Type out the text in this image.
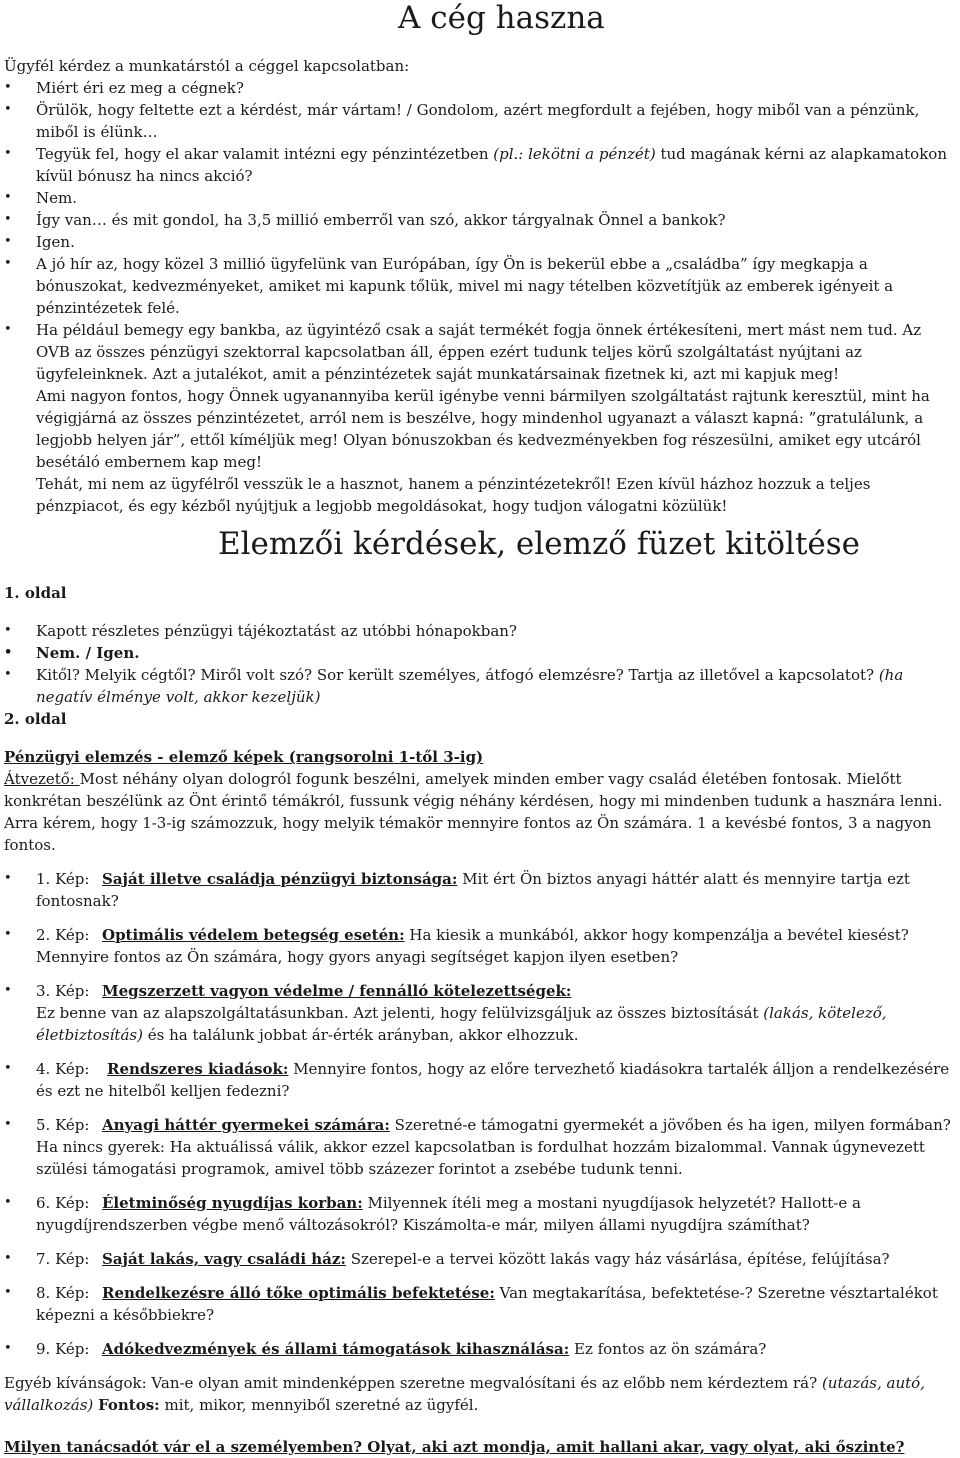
A cég haszna
Ügyfél kérdez a munkatárstól a céggel kapcsolatban:
• Miért éri ez meg a cégnek?
• Örülök, hogy feltette ezt a kérdést, már vártam! / Gondolom, azért megfordult a fejében, hogy miből van a pénzünk, miből is élünk…
• Tegyük fel, hogy el akar valamit intézni egy pénzintézetben (pl.: lekötni a pénzét) tud magának kérni az alapkamatokon kívül bónusz ha nincs akció?
• Nem.
• Így van… és mit gondol, ha 3,5 millió emberről van szó, akkor tárgyalnak Önnel a bankok?
• Igen.
• A jó hír az, hogy közel 3 millió ügyfelünk van Európában, így Ön is bekerül ebbe a „családba” így megkapja a bónuszokat, kedvezményeket, amiket mi kapunk tőlük, mivel mi nagy tételben közvetítjük az emberek igényeit a pénzintézetek felé.
• Ha például bemegy egy bankba, az ügyintéző csak a saját termékét fogja önnek értékesíteni, mert mást nem tud. Az OVB az összes pénzügyi szektorral kapcsolatban áll, éppen ezért tudunk teljes körű szolgáltatást nyújtani az ügyfeleinknek. Azt a jutalékot, amit a pénzintézetek saját munkatársainak fizetnek ki, azt mi kapjuk meg!
Ami nagyon fontos, hogy Önnek ugyanannyiba kerül igénybe venni bármilyen szolgáltatást rajtunk keresztül, mint ha végigjárná az összes pénzintézetet, arról nem is beszélve, hogy mindenhol ugyanazt a választ kapná: ”gratulálunk, a legjobb helyen jár”, ettől kíméljük meg! Olyan bónuszokban és kedvezményekben fog részesülni, amiket egy utcáról besétáló embernem kap meg!
Tehát, mi nem az ügyfélről vesszük le a hasznot, hanem a pénzintézetekről! Ezen kívül házhoz hozzuk a teljes pénzpiacot, és egy kézből nyújtjuk a legjobb megoldásokat, hogy tudjon válogatni közülük!
Elemzői kérdések, elemző füzet kitöltése
1. oldal
• Kapott részletes pénzügyi tájékoztatást az utóbbi hónapokban?
• Nem. / Igen.
• Kitől? Melyik cégtől? Miről volt szó? Sor került személyes, átfogó elemzésre? Tartja az illetővel a kapcsolatot? (ha negatív élménye volt, akkor kezeljük)
2. oldal
Pénzügyi elemzés - elemző képek (rangsorolni 1-től 3-ig)
Átvezető: Most néhány olyan dologról fogunk beszélni, amelyek minden ember vagy család életében fontosak. Mielőtt konkrétan beszélünk az Önt érintő témákról, fussunk végig néhány kérdésen, hogy mi mindenben tudunk a hasznára lenni. Arra kérem, hogy 1-3-ig számozzuk, hogy melyik témakör mennyire fontos az Ön számára. 1 a kevésbé fontos, 3 a nagyon fontos.
• 1. Kép: Saját illetve családja pénzügyi biztonsága: Mit ért Ön biztos anyagi háttér alatt és mennyire tartja ezt fontosnak?
• 2. Kép: Optimális védelem betegség esetén: Ha kiesik a munkából, akkor hogy kompenzálja a bevétel kiesést? Mennyire fontos az Ön számára, hogy gyors anyagi segítséget kapjon ilyen esetben?
• 3. Kép: Megszerzett vagyon védelme / fennálló kötelezettségek:
Ez benne van az alapszolgáltatásunkban. Azt jelenti, hogy felülvizsgáljuk az összes biztosítását (lakás, kötelező, életbiztosítás) és ha találunk jobbat ár-érték arányban, akkor elhozzuk.
• 4. Kép: Rendszeres kiadások: Mennyire fontos, hogy az előre tervezhető kiadásokra tartalék álljon a rendelkezésére és ezt ne hitelből kelljen fedezni?
• 5. Kép: Anyagi háttér gyermekei számára: Szeretné-e támogatni gyermekét a jövőben és ha igen, milyen formában?
Ha nincs gyerek: Ha aktuálissá válik, akkor ezzel kapcsolatban is fordulhat hozzám bizalommal. Vannak úgynevezett szülési támogatási programok, amivel több százezer forintot a zsebébe tudunk tenni.
• 6. Kép: Életminőség nyugdíjas korban: Milyennek ítéli meg a mostani nyugdíjasok helyzetét? Hallott-e a nyugdíjrendszerben végbe menő változásokról? Kiszámolta-e már, milyen állami nyugdíjra számíthat?
• 7. Kép: Saját lakás, vagy családi ház: Szerepel-e a tervei között lakás vagy ház vásárlása, építése, felújítása?
• 8. Kép: Rendelkezésre álló tőke optimális befektetése: Van megtakarítása, befektetése-? Szeretne vésztartalékot képezni a későbbiekre?
• 9. Kép: Adókedvezmények és állami támogatások kihasználása: Ez fontos az ön számára?
Egyéb kívánságok: Van-e olyan amit mindenképpen szeretne megvalósítani és az előbb nem kérdeztem rá? (utazás, autó, vállalkozás) Fontos: mit, mikor, mennyiből szeretné az ügyfél.
Milyen tanácsadót vár el a személyemben? Olyat, aki azt mondja, amit hallani akar, vagy olyat, aki őszinte?
